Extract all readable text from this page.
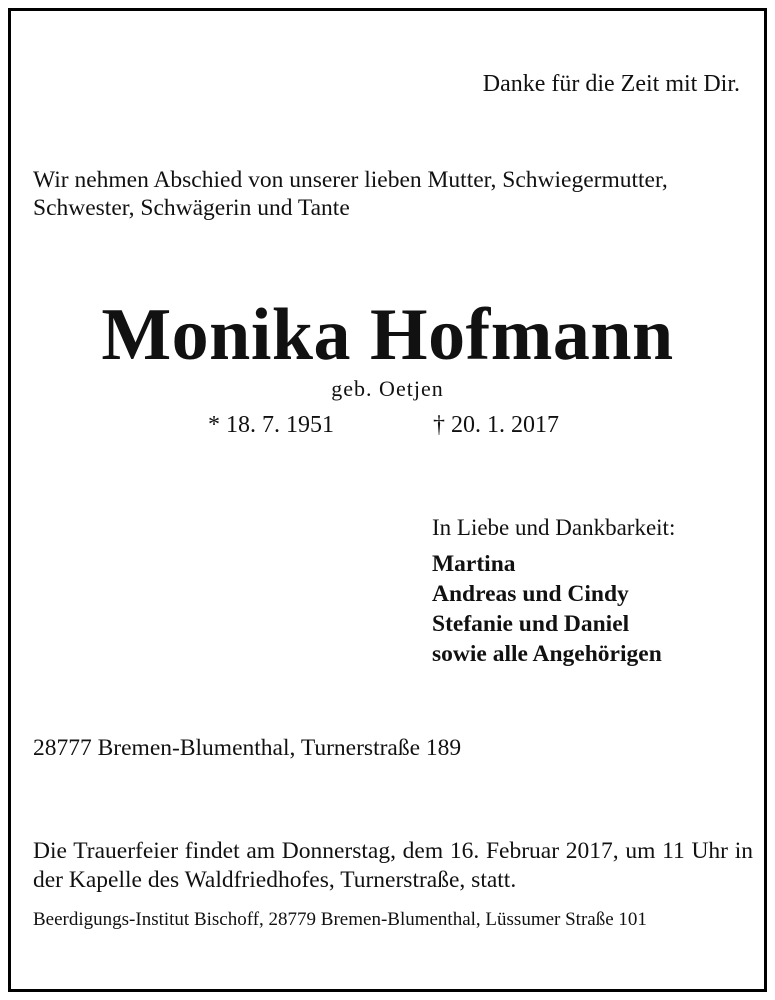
Danke für die Zeit mit Dir.
Wir nehmen Abschied von unserer lieben Mutter, Schwiegermutter, Schwester, Schwägerin und Tante
Monika Hofmann
geb. Oetjen
* 18. 7. 1951	† 20. 1. 2017
In Liebe und Dankbarkeit:
Martina
Andreas und Cindy
Stefanie und Daniel
sowie alle Angehörigen
28777 Bremen-Blumenthal, Turnerstraße 189
Die Trauerfeier findet am Donnerstag, dem 16. Februar 2017, um 11 Uhr in der Kapelle des Waldfriedhofes, Turnerstraße, statt.
Beerdigungs-Institut Bischoff, 28779 Bremen-Blumenthal, Lüssumer Straße 101
